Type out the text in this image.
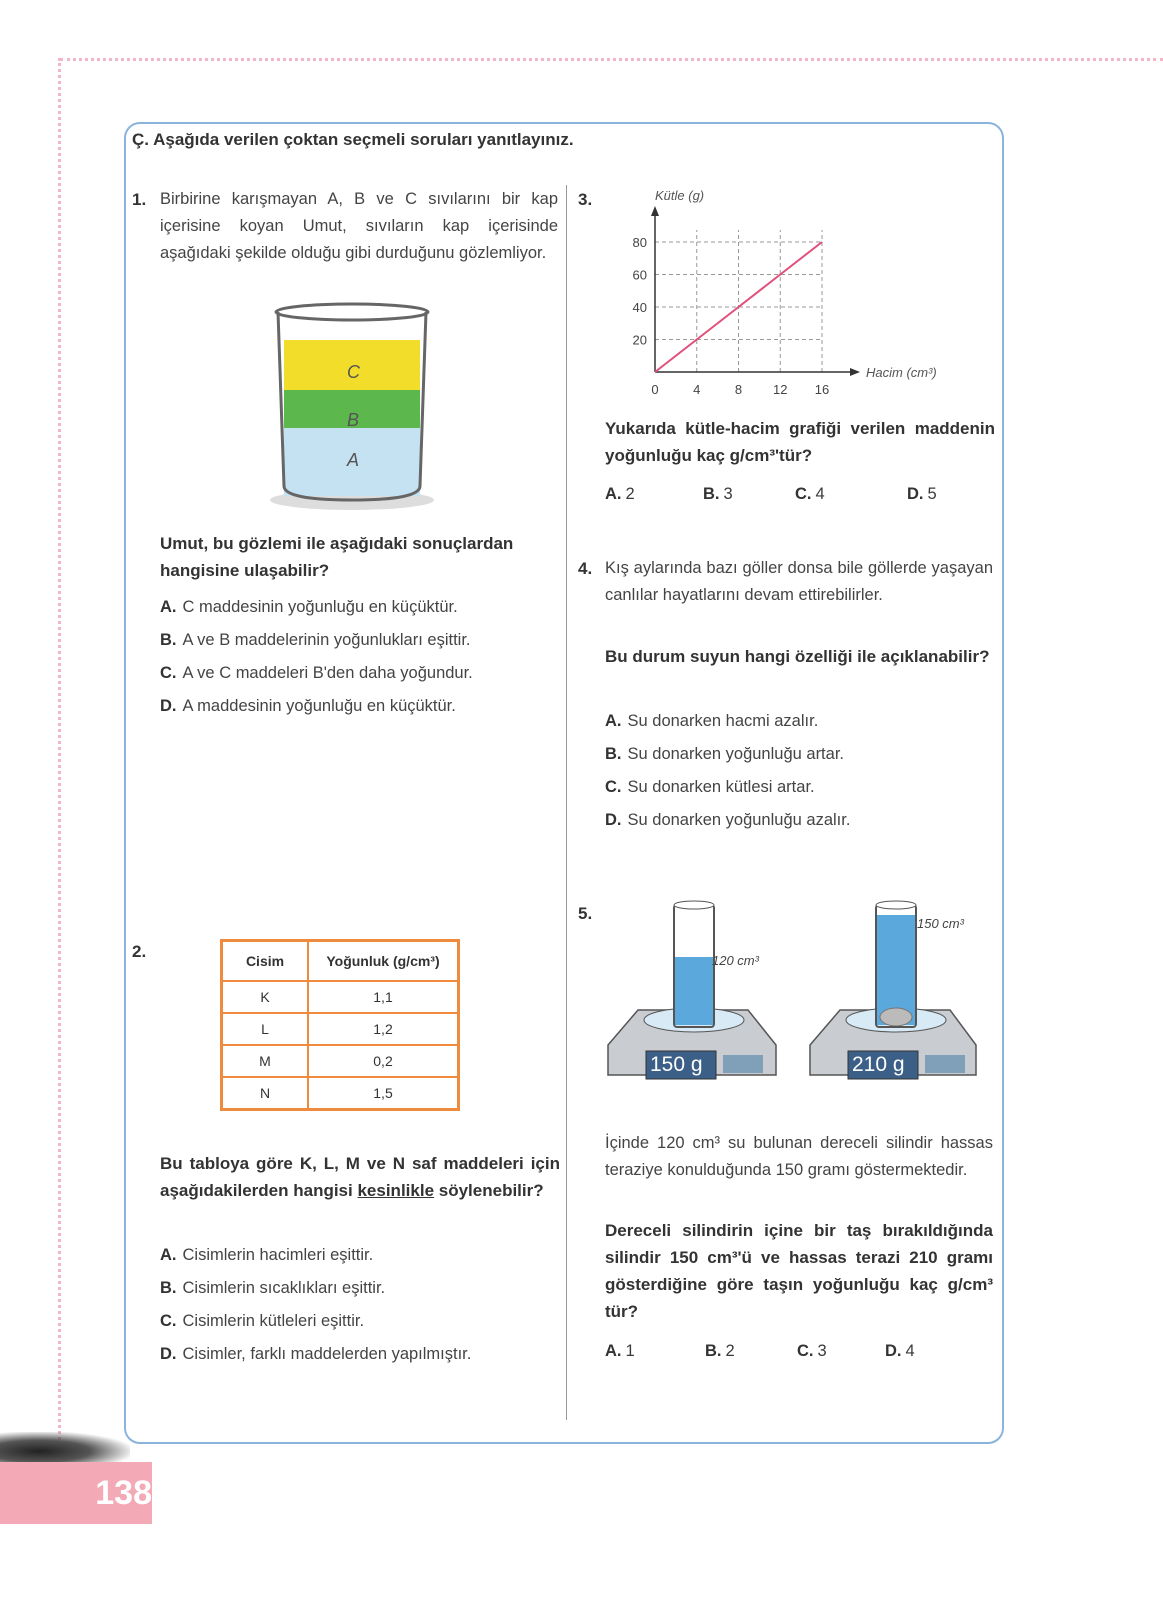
Ç. Aşağıda verilen çoktan seçmeli soruları yanıtlayınız.
1. Birbirine karışmayan A, B ve C sıvılarını bir kap içerisine koyan Umut, sıvıların kap içerisinde aşağıdaki şekilde olduğu gibi durduğunu gözlemliyor.
C
B
A
Umut, bu gözlemi ile aşağıdaki sonuçlardan hangisine ulaşabilir?
A. C maddesinin yoğunluğu en küçüktür.
B. A ve B maddelerinin yoğunlukları eşittir.
C. A ve C maddeleri B'den daha yoğundur.
D. A maddesinin yoğunluğu en küçüktür.
2.	Cisim	Yoğunluk (g/cm³)
K	1,1
L	1,2
M	0,2
N	1,5
Bu tabloya göre K, L, M ve N saf maddeleri için aşağıdakilerden hangisi kesinlikle söylenebilir?
A. Cisimlerin hacimleri eşittir.
B. Cisimlerin sıcaklıkları eşittir.
C. Cisimlerin kütleleri eşittir.
D. Cisimler, farklı maddelerden yapılmıştır.
3.
0	4	8 12 16
20
40
60
80
Kütle (g)
Hacim (cm³)
Yukarıda kütle-hacim grafiği verilen maddenin yoğunluğu kaç g/cm³'tür?
A. 2	B. 3	C. 4	D. 5
4. Kış aylarında bazı göller donsa bile göllerde yaşayan canlılar hayatlarını devam ettirebilirler.
Bu durum suyun hangi özelliği ile açıklanabilir?
A. Su donarken hacmi azalır.
B. Su donarken yoğunluğu artar.
C. Su donarken kütlesi artar.
D. Su donarken yoğunluğu azalır.
5.
120 cm³
150 cm³
150 g	210 g
İçinde 120 cm³ su bulunan dereceli silindir hassas teraziye konulduğunda 150 gramı göstermektedir.
Dereceli silindirin içine bir taş bırakıldığında silindir 150 cm³'ü ve hassas terazi 210 gramı gösterdiğine göre taşın yoğunluğu kaç g/cm³ tür?
A. 1	B. 2	C. 3	D. 4
138
